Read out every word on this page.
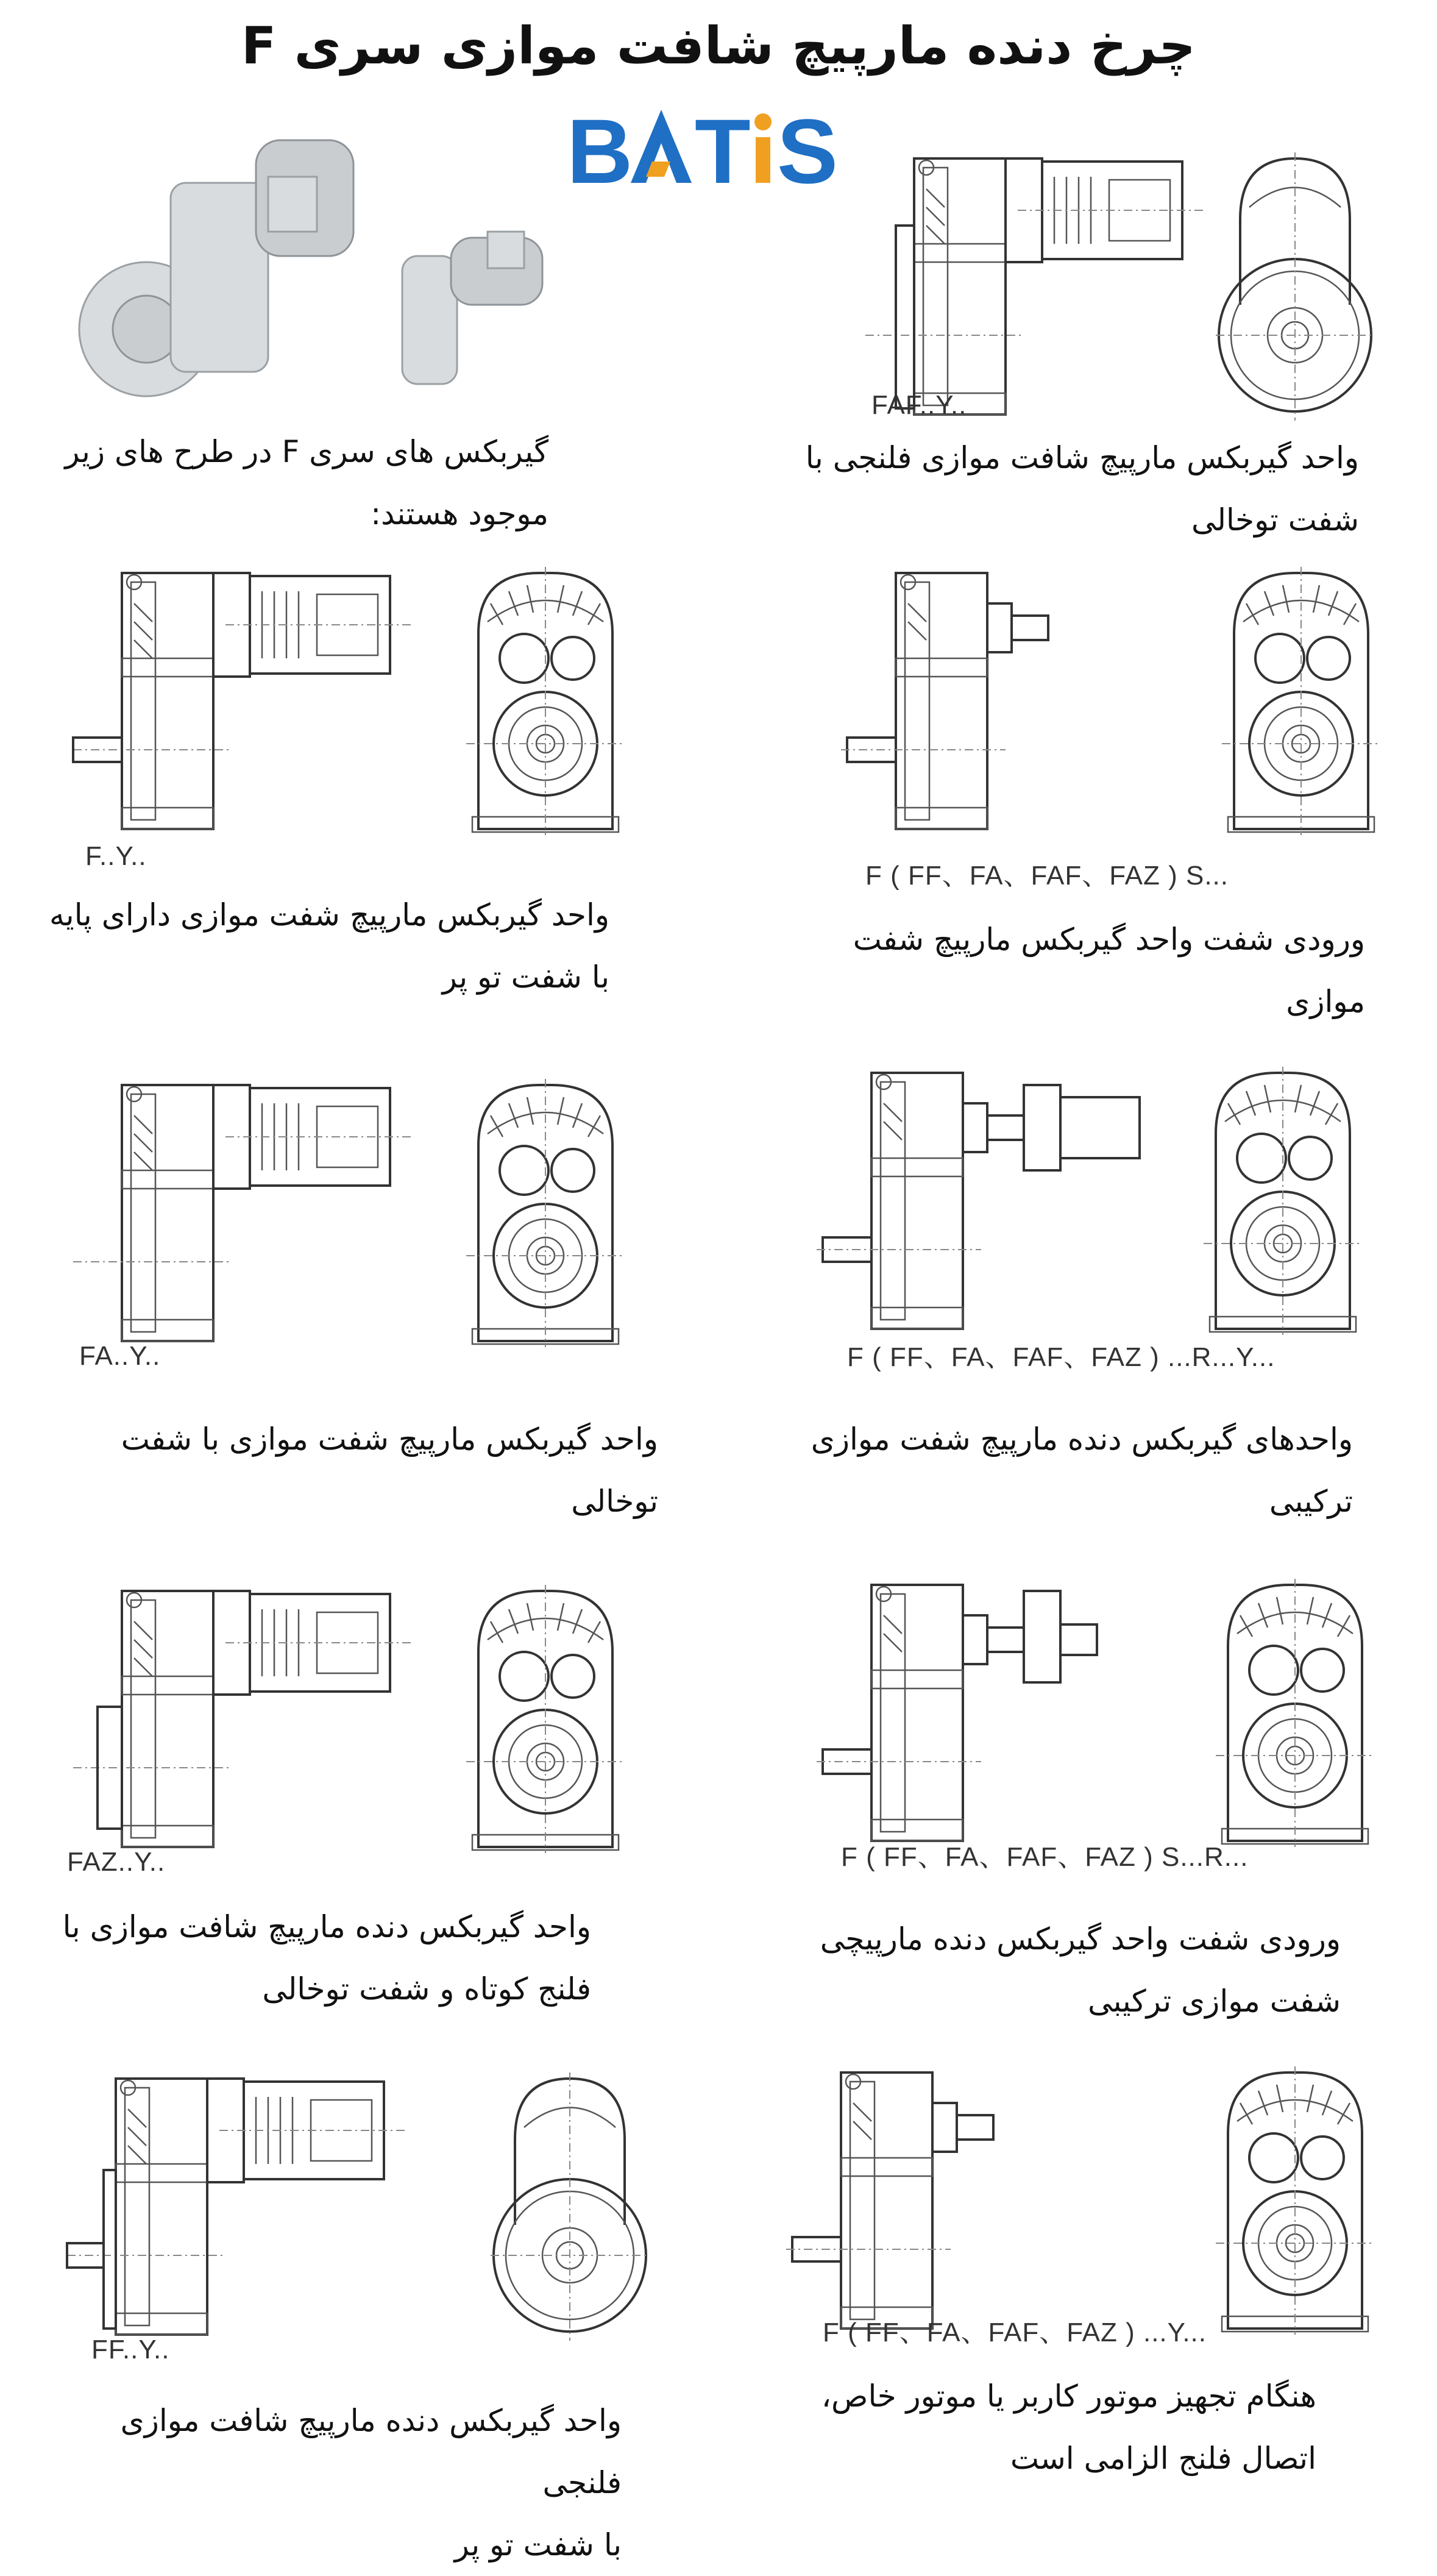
چرخ دنده مارپیچ شافت موازی سری F
B T S
گیربکس های سری F در طرح های زیر
موجود هستند:
FAF..Y..
واحد گیربکس مارپیچ شافت موازی فلنجی با
شفت توخالی
F..Y..
واحد گیربکس مارپیچ شفت موازی دارای پایه
با شفت تو پر
F ( FF、FA、FAF、FAZ ) S...
ورودی شفت واحد گیربکس مارپیچ شفت
موازی
FA..Y..
واحد گیربکس مارپیچ شفت موازی با شفت توخالی
F ( FF、FA、FAF、FAZ ) ...R...Y...
واحدهای گیربکس دنده مارپیچ شفت موازی
ترکیبی
FAZ..Y..
واحد گیربکس دنده مارپیچ شافت موازی با
فلنج کوتاه و شفت توخالی
F ( FF、FA、FAF、FAZ ) S...R...
ورودی شفت واحد گیربکس دنده مارپیچی
شفت موازی ترکیبی
FF..Y..
واحد گیربکس دنده مارپیچ شافت موازی فلنجی
با شفت تو پر
F ( FF、FA、FAF、FAZ ) ...Y...
هنگام تجهیز موتور کاربر یا موتور خاص،
اتصال فلنج الزامی است
